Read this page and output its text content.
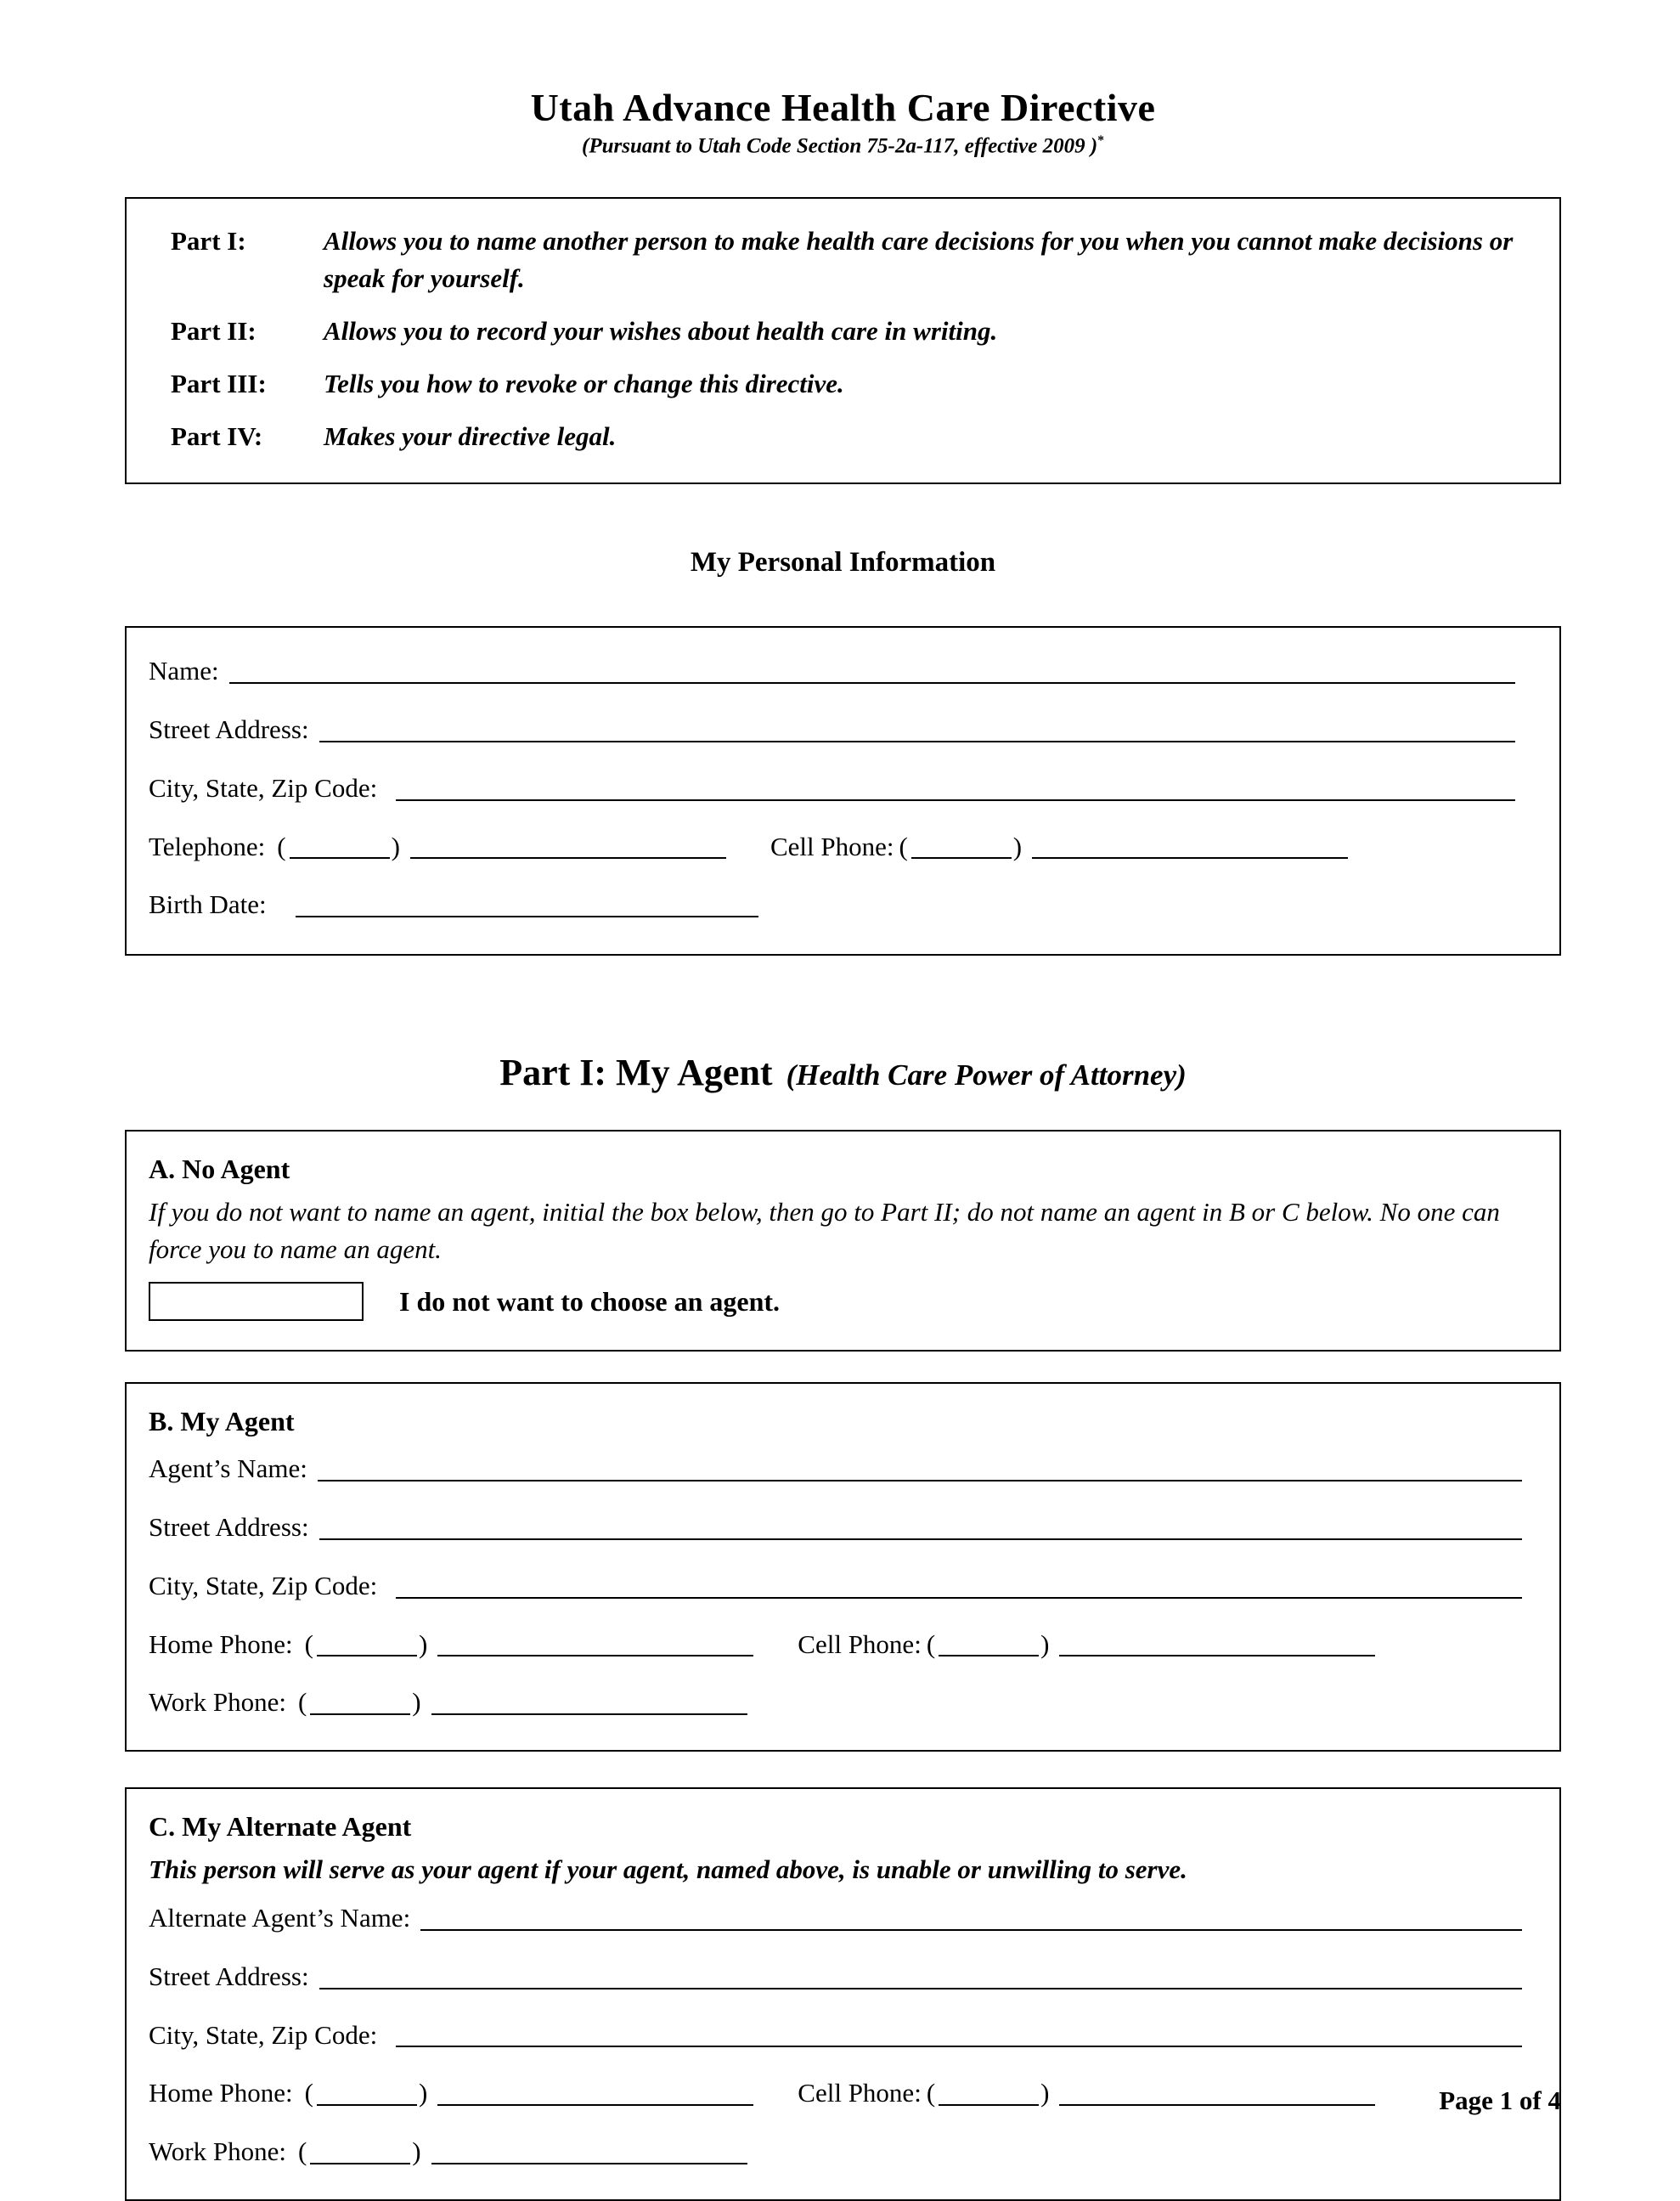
Utah Advance Health Care Directive
(Pursuant to Utah Code Section 75-2a-117, effective 2009 )*
Part I:	Allows you to name another person to make health care decisions for you when you cannot make decisions or speak for yourself.
Part II:	Allows you to record your wishes about health care in writing.
Part III:	Tells you how to revoke or change this directive.
Part IV:	Makes your directive legal.
My Personal Information
Name:
Street Address:
City, State, Zip Code:
Telephone: (	)	Cell Phone: (	)
Birth Date:
Part I: My Agent (Health Care Power of Attorney)
A. No Agent

If you do not want to name an agent, initial the box below, then go to Part II; do not name an agent in B or C below. No one can force you to name an agent.

I do not want to choose an agent.
B. My Agent
Agent’s Name:
Street Address:
City, State, Zip Code:
Home Phone: (	)	Cell Phone: (	)
Work Phone: (	)
C. My Alternate Agent

This person will serve as your agent if your agent, named above, is unable or unwilling to serve.

Alternate Agent’s Name:
Street Address:
City, State, Zip Code:
Home Phone: (	)	Cell Phone: (	)
Work Phone: (	)
Page 1 of 4
